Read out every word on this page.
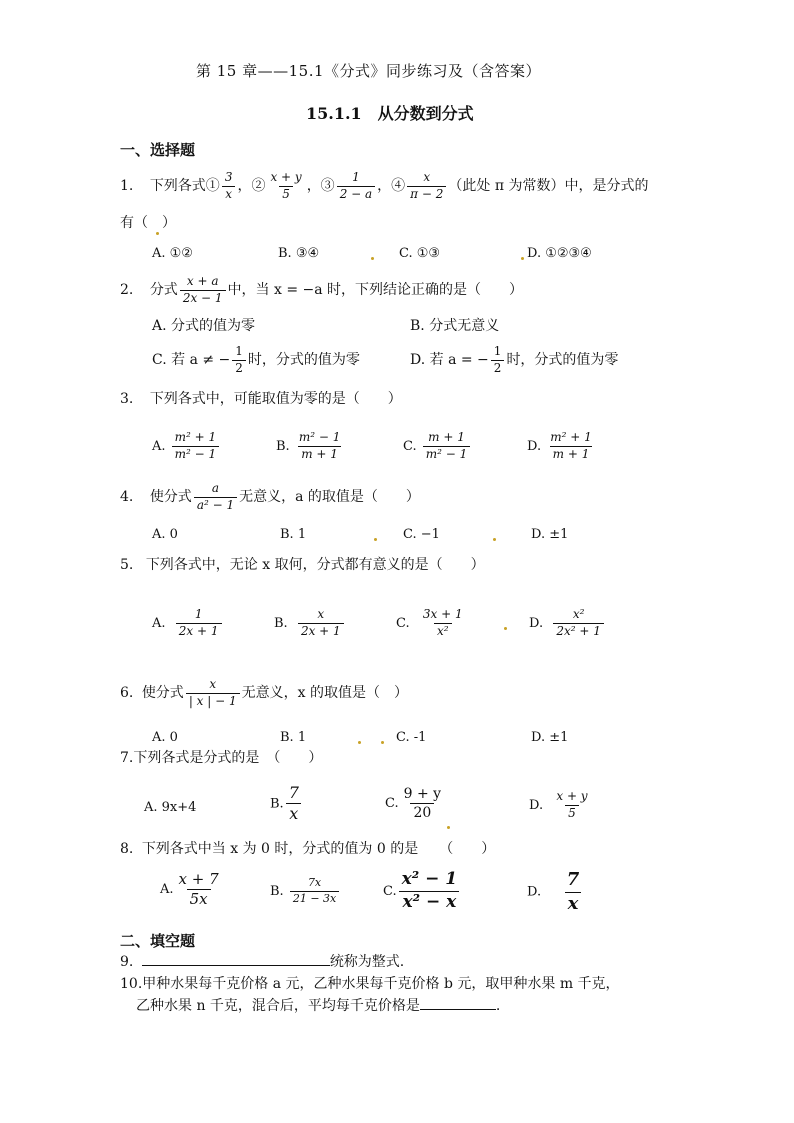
第 15 章——15.1《分式》同步练习及（含答案）
15.1.1　从分数到分式
一、选择题
1. 下列各式① $\frac{3}{x}$ ，② $\frac{x + y}{5}$ ，③ $\frac{1}{2 - a}$ ，④ $\frac{x}{\pi - 2}$ （此处 π 为常数）中，是分式的
有（　）
A. ①②	B. ③④	C. ①③	D. ①②③④
2. 分式 $\frac{x + a}{2x - 1}$ 中，当 x = −a 时，下列结论正确的是（　　）
A. 分式的值为零	B. 分式无意义
C. 若 a ≠ − $\frac{1}{2}$ 时，分式的值为零	D. 若 a = − $\frac{1}{2}$ 时，分式的值为零
3. 下列各式中，可能取值为零的是（　　）
A. $\frac{\text{m² + 1}}{\text{m² − 1}}$	B. $\frac{\text{m² − 1}}{m + 1}$	C. $\frac{m + 1}{\text{m² − 1}}$	D. $\frac{\text{m² + 1}}{m + 1}$
4. 使分式 $\frac{a}{\text{a² − 1}}$ 无意义，a 的取值是（　　）
A. 0	B. 1	C. −1	D. ±1
5. 下列各式中，无论 x 取何，分式都有意义的是（　　）
A. $\frac{1}{2x + 1}$	B. $\frac{x}{2x + 1}$	C. $\frac{3x + 1}{\text{x²}}$	D. $\frac{\text{x²}}{\text{2x² + 1}}$
6. 使分式 $\frac{x}{| x | - 1}$ 无意义，x 的取值是（　）
A. 0	B. 1	C. -1	D. ±1
7.下列各式是分式的是　（　　）
A. 9x+4	B. $\frac{7}{x}$	C. $\frac{9 + y}{20}$	D. $\frac{x + y}{5}$
8. 下列各式中当 x 为 0 时，分式的值为 0 的是　　（　　）
A. $\frac{x + 7}{5x}$	B. $\frac{7x}{21 - 3x}$	C. $\frac{\text{x² − 1}}{\text{x² − x}}$	D. $\frac{7}{x}$
二、填空题
9.	统称为整式.
10.甲种水果每千克价格 a 元，乙种水果每千克价格 b 元，取甲种水果 m 千克，
乙种水果 n 千克，混合后，平均每千克价格是	.
